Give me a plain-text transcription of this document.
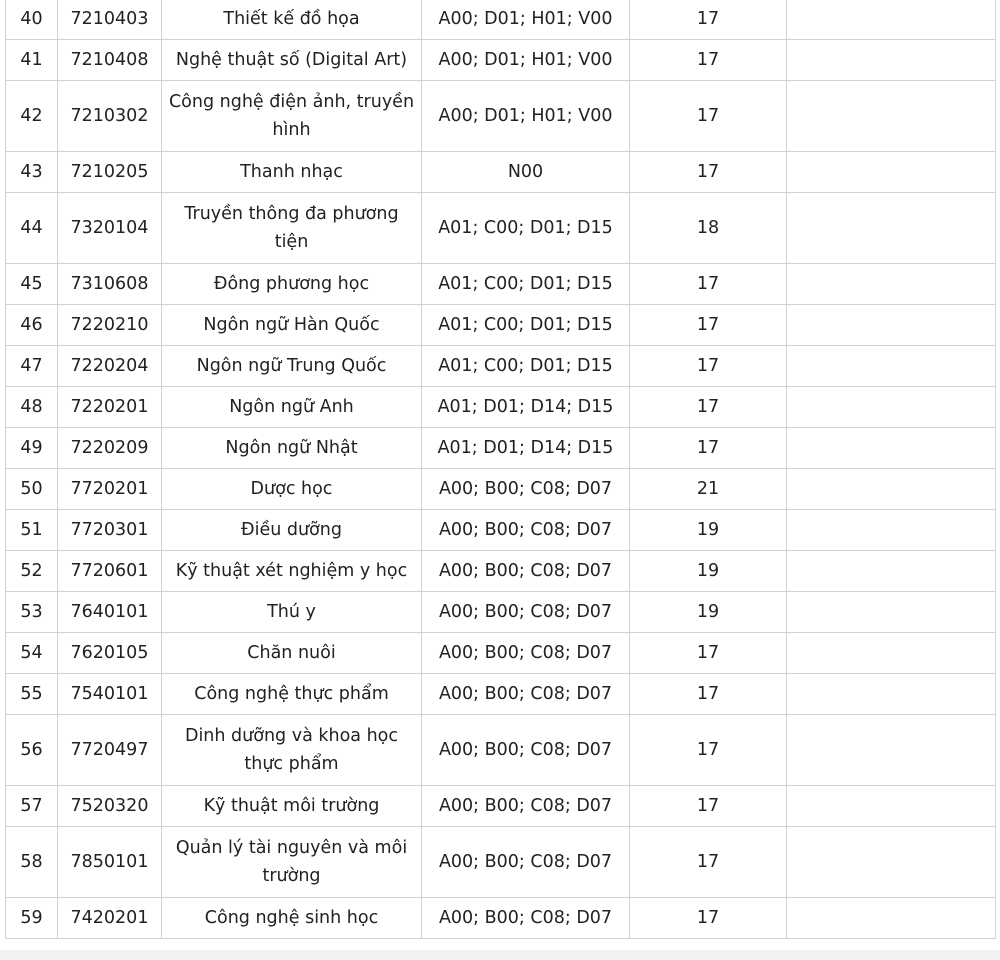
40	7210403	Thiết kế đồ họa	A00; D01; H01; V00	17	
41	7210408	Nghệ thuật số (Digital Art)	A00; D01; H01; V00	17	
42	7210302	Công nghệ điện ảnh, truyền hình	A00; D01; H01; V00	17	
43	7210205	Thanh nhạc	N00	17	
44	7320104	Truyền thông đa phương tiện	A01; C00; D01; D15	18	
45	7310608	Đông phương học	A01; C00; D01; D15	17	
46	7220210	Ngôn ngữ Hàn Quốc	A01; C00; D01; D15	17	
47	7220204	Ngôn ngữ Trung Quốc	A01; C00; D01; D15	17	
48	7220201	Ngôn ngữ Anh	A01; D01; D14; D15	17	
49	7220209	Ngôn ngữ Nhật	A01; D01; D14; D15	17	
50	7720201	Dược học	A00; B00; C08; D07	21	
51	7720301	Điều dưỡng	A00; B00; C08; D07	19	
52	7720601	Kỹ thuật xét nghiệm y học	A00; B00; C08; D07	19	
53	7640101	Thú y	A00; B00; C08; D07	19	
54	7620105	Chăn nuôi	A00; B00; C08; D07	17	
55	7540101	Công nghệ thực phẩm	A00; B00; C08; D07	17	
56	7720497	Dinh dưỡng và khoa học thực phẩm	A00; B00; C08; D07	17	
57	7520320	Kỹ thuật môi trường	A00; B00; C08; D07	17	
58	7850101	Quản lý tài nguyên và môi trường	A00; B00; C08; D07	17	
59	7420201	Công nghệ sinh học	A00; B00; C08; D07	17	
